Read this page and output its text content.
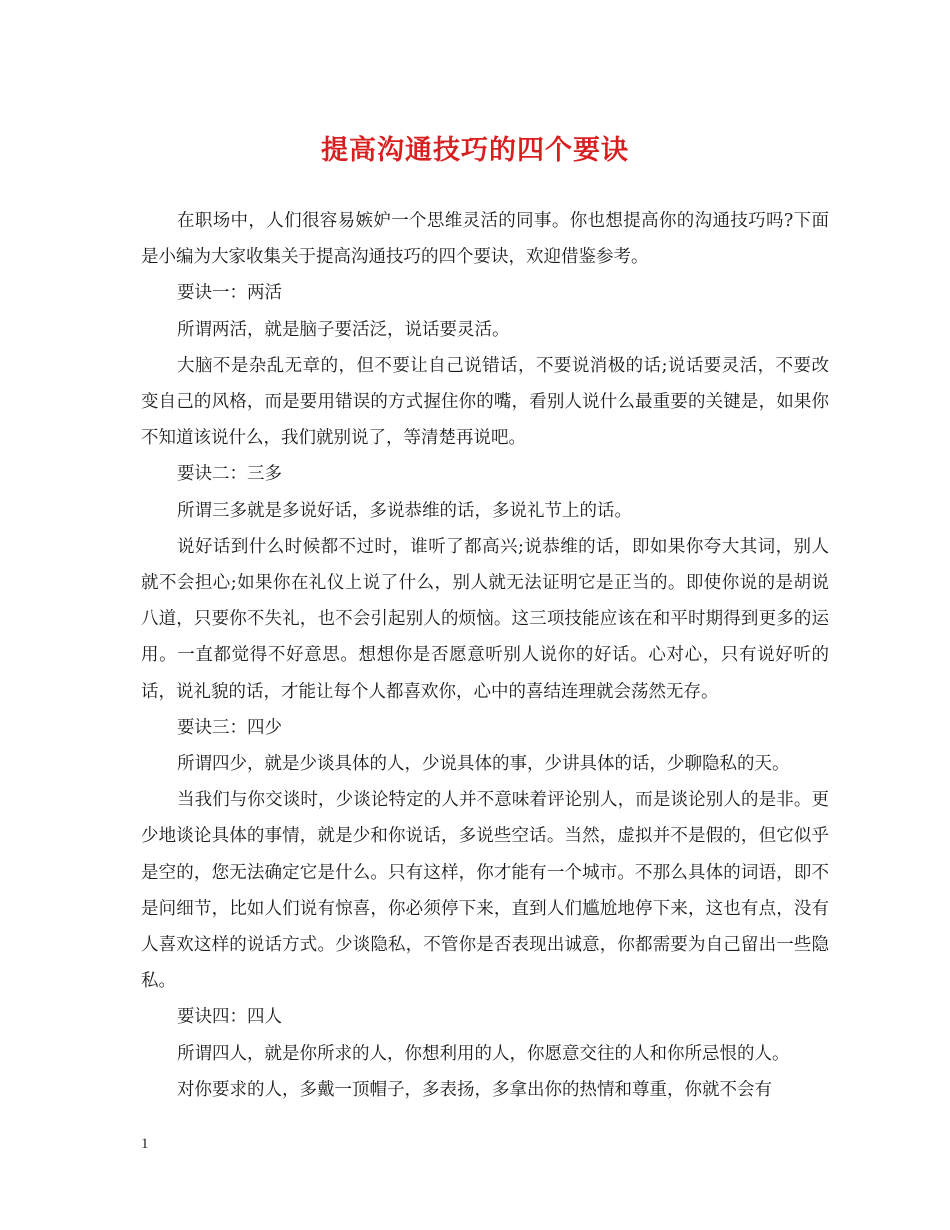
提高沟通技巧的四个要诀

在职场中，人们很容易嫉妒一个思维灵活的同事。你也想提高你的沟通技巧吗?下面是小编为大家收集关于提高沟通技巧的四个要诀，欢迎借鉴参考。

要诀一：两活

所谓两活，就是脑子要活泛，说话要灵活。

大脑不是杂乱无章的，但不要让自己说错话，不要说消极的话;说话要灵活，不要改变自己的风格，而是要用错误的方式握住你的嘴，看别人说什么最重要的关键是，如果你不知道该说什么，我们就别说了，等清楚再说吧。

要诀二：三多

所谓三多就是多说好话，多说恭维的话，多说礼节上的话。

说好话到什么时候都不过时，谁听了都高兴;说恭维的话，即如果你夸大其词，别人就不会担心;如果你在礼仪上说了什么，别人就无法证明它是正当的。即使你说的是胡说八道，只要你不失礼，也不会引起别人的烦恼。这三项技能应该在和平时期得到更多的运用。一直都觉得不好意思。想想你是否愿意听别人说你的好话。心对心，只有说好听的话，说礼貌的话，才能让每个人都喜欢你，心中的喜结连理就会荡然无存。

要诀三：四少

所谓四少，就是少谈具体的人，少说具体的事，少讲具体的话，少聊隐私的天。

当我们与你交谈时，少谈论特定的人并不意味着评论别人，而是谈论别人的是非。更少地谈论具体的事情，就是少和你说话，多说些空话。当然，虚拟并不是假的，但它似乎是空的，您无法确定它是什么。只有这样，你才能有一个城市。不那么具体的词语，即不是问细节，比如人们说有惊喜，你必须停下来，直到人们尴尬地停下来，这也有点，没有人喜欢这样的说话方式。少谈隐私，不管你是否表现出诚意，你都需要为自己留出一些隐私。

要诀四：四人

所谓四人，就是你所求的人，你想利用的人，你愿意交往的人和你所忌恨的人。

对你要求的人，多戴一顶帽子，多表扬，多拿出你的热情和尊重，你就不会有

1
